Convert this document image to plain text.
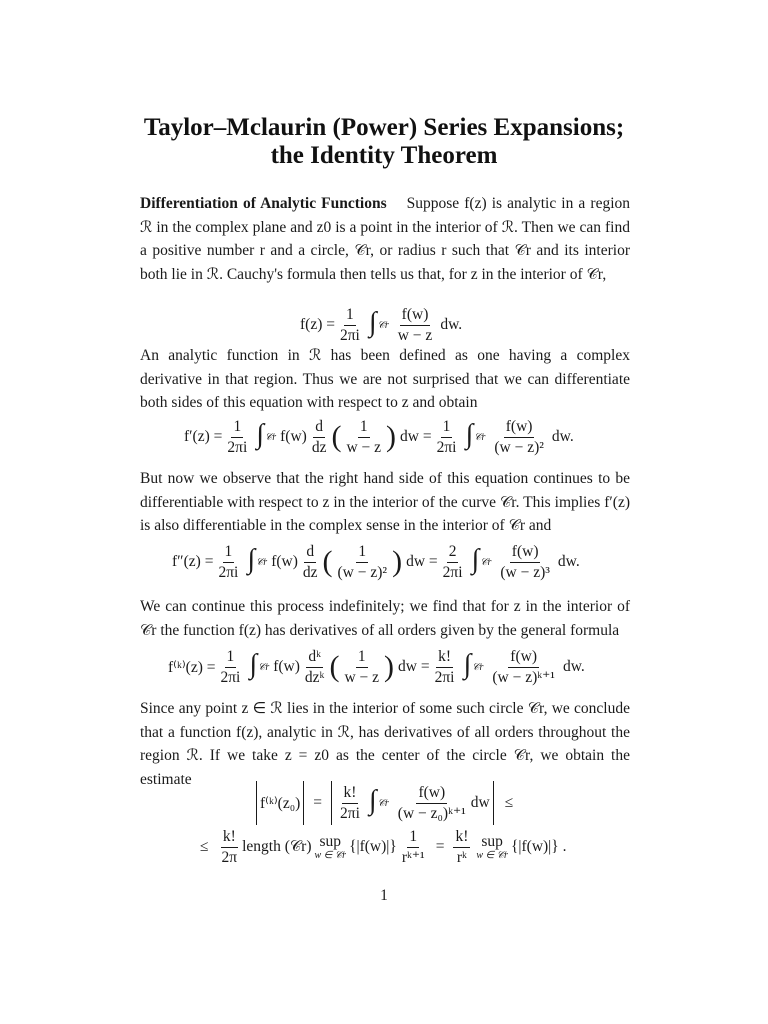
Taylor–Mclaurin (Power) Series Expansions;
the Identity Theorem

Differentiation of Analytic Functions Suppose f(z) is analytic in a region ℛ in the complex plane and z0 is a point in the interior of ℛ. Then we can find a positive number r and a circle, 𝒞r, or radius r such that 𝒞r and its interior both lie in ℛ. Cauchy's formula then tells us that, for z in the interior of 𝒞r,

$f(z) = \frac{1}{2\pi i}$ ∫ 𝒞r $\frac{f(w)}{w - z}$ dw.

An analytic function in ℛ has been defined as one having a complex derivative in that region. Thus we are not surprised that we can differentiate both sides of this equation with respect to z and obtain

$f'(z) = \frac{1}{2\pi i}$ ∫ 𝒞r $f(w) \frac{d}{dz}$ ( $\frac{1}{w - z}$ ) dw = $\frac{1}{2\pi i}$ ∫ 𝒞r $\frac{f(w)}{\text{(w − z)²}}$ dw.

But now we observe that the right hand side of this equation continues to be differentiable with respect to z in the interior of the curve 𝒞r. This implies f′(z) is also differentiable in the complex sense in the interior of 𝒞r and

$f''(z) = \frac{1}{2\pi i}$ ∫ 𝒞r $f(w) \frac{d}{dz}$ ( $\frac{1}{\text{(w − z)²}}$ ) dw = $\frac{2}{2\pi i}$ ∫ 𝒞r $\frac{f(w)}{\text{(w − z)³}}$ dw.

We can continue this process indefinitely; we find that for z in the interior of 𝒞r the function f(z) has derivatives of all orders given by the general formula

f⁽ᵏ⁾(z) = $\frac{1}{2\pi i}$ ∫ 𝒞r $f(w) \frac{\text{dᵏ}}{\text{dzᵏ}}$ ( $\frac{1}{w - z}$ ) dw = $\frac{k!}{2\pi i}$ ∫ 𝒞r $\frac{f(w)}{\text{(w − z)ᵏ⁺¹}}$ dw.

Since any point z ∈ ℛ lies in the interior of some such circle 𝒞r, we conclude that a function f(z), analytic in ℛ, has derivatives of all orders throughout the region ℛ. If we take z = z0 as the center of the circle 𝒞r, we obtain the estimate

f⁽ᵏ⁾(z₀) = $\frac{k!}{2\pi i}$ ∫ 𝒞r $\frac{f(w)}{\text{(w − z₀)ᵏ⁺¹}}$ dw ≤
≤ $\frac{k!}{2\pi}$ length (𝒞r) sup
w ∈ 𝒞r
$\{|f(w)|\} \frac{1}{\text{rᵏ⁺¹}} = \frac{k!}{\text{rᵏ}}$ sup
w ∈ 𝒞r
{|f(w)|} .
1
